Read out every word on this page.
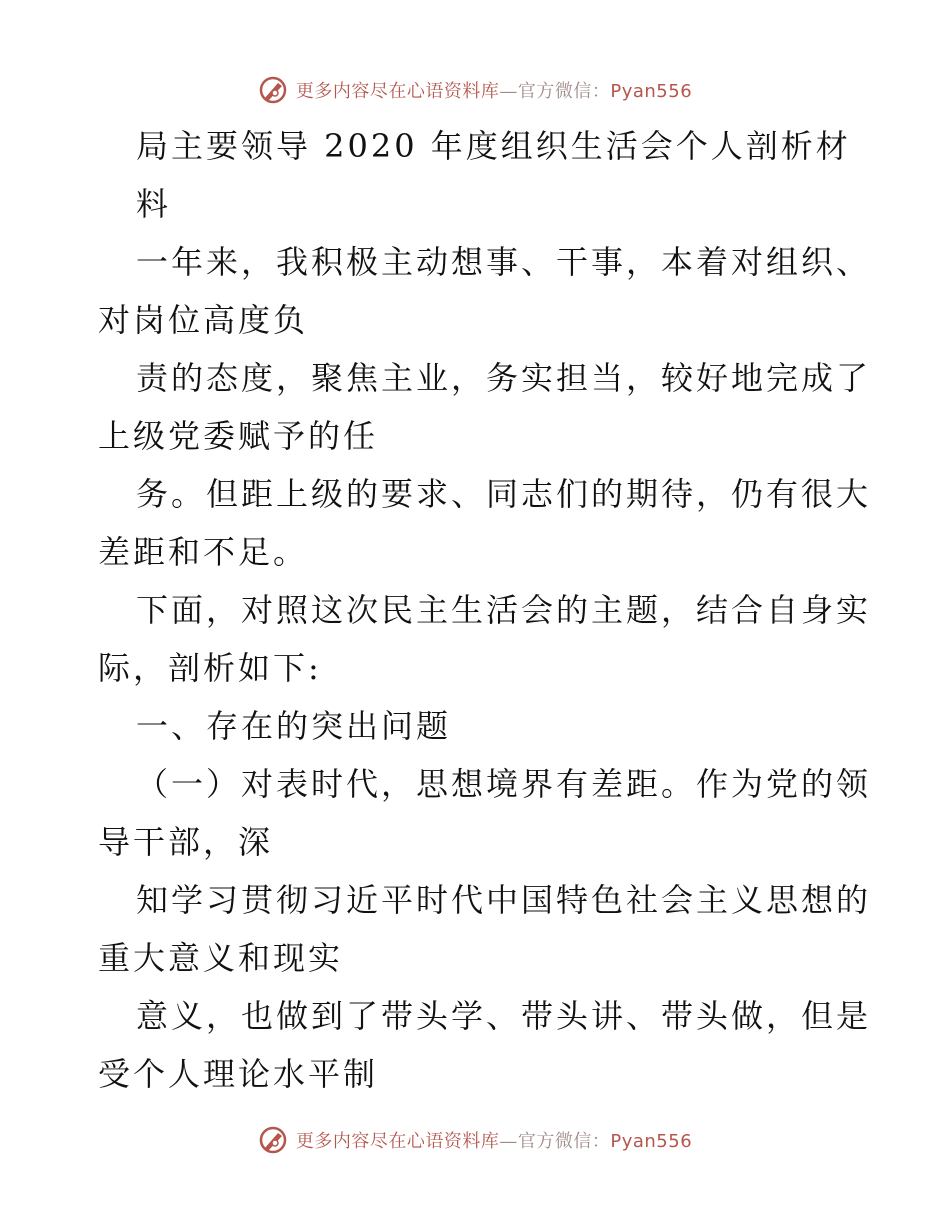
更多内容尽在心语资料库—官方微信：Pyan556
局主要领导 2020 年度组织生活会个人剖析材
料
一年来，我积极主动想事、干事，本着对组织、
对岗位高度负
责的态度，聚焦主业，务实担当，较好地完成了
上级党委赋予的任
务。但距上级的要求、同志们的期待，仍有很大
差距和不足。
下面，对照这次民主生活会的主题，结合自身实
际，剖析如下:
一、存在的突出问题
（一）对表时代，思想境界有差距。作为党的领
导干部，深
知学习贯彻习近平时代中国特色社会主义思想的
重大意义和现实
意义，也做到了带头学、带头讲、带头做，但是
受个人理论水平制
更多内容尽在心语资料库—官方微信：Pyan556
